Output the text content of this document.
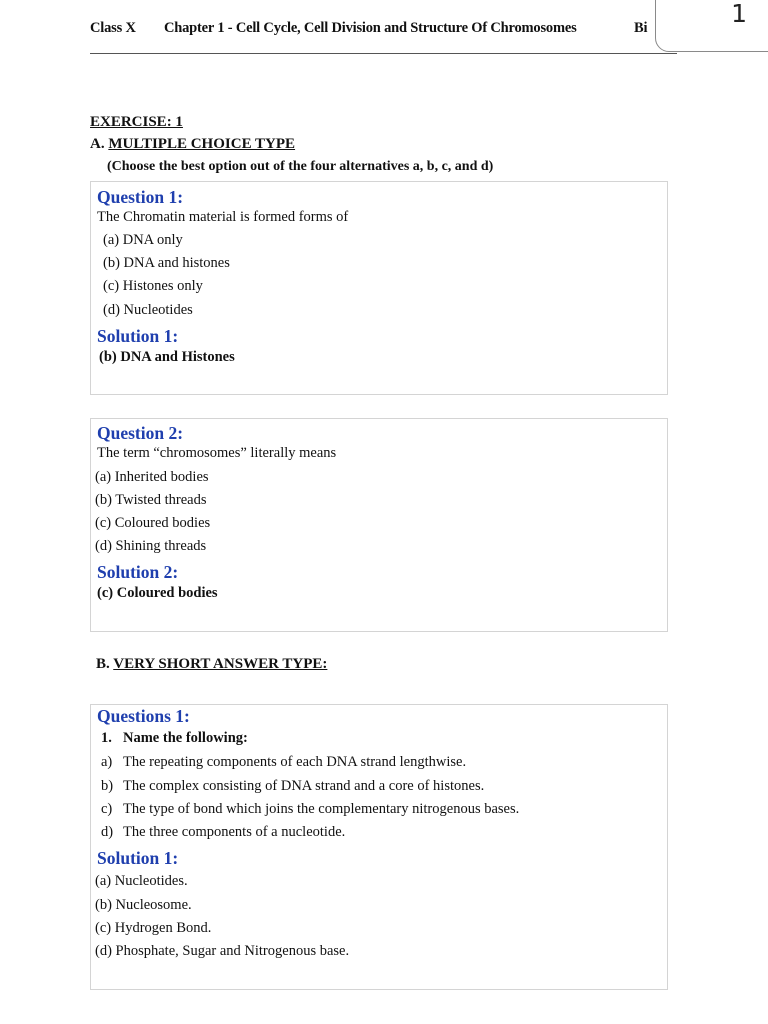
Class X Chapter 1 - Cell Cycle, Cell Division and Structure Of Chromosomes	Bi	1
EXERCISE: 1
A. MULTIPLE CHOICE TYPE
(Choose the best option out of the four alternatives a, b, c, and d)
Question 1:
The Chromatin material is formed forms of
(a) DNA only
(b) DNA and histones
(c) Histones only
(d) Nucleotides
Solution 1:
(b) DNA and Histones
Question 2:
The term “chromosomes” literally means
(a) Inherited bodies
(b) Twisted threads
(c) Coloured bodies
(d) Shining threads
Solution 2:
(c) Coloured bodies
B. VERY SHORT ANSWER TYPE:
Questions 1:
1. Name the following:
a) The repeating components of each DNA strand lengthwise.
b) The complex consisting of DNA strand and a core of histones.
c) The type of bond which joins the complementary nitrogenous bases.
d) The three components of a nucleotide.
Solution 1:
(a) Nucleotides.
(b) Nucleosome.
(c) Hydrogen Bond.
(d) Phosphate, Sugar and Nitrogenous base.
